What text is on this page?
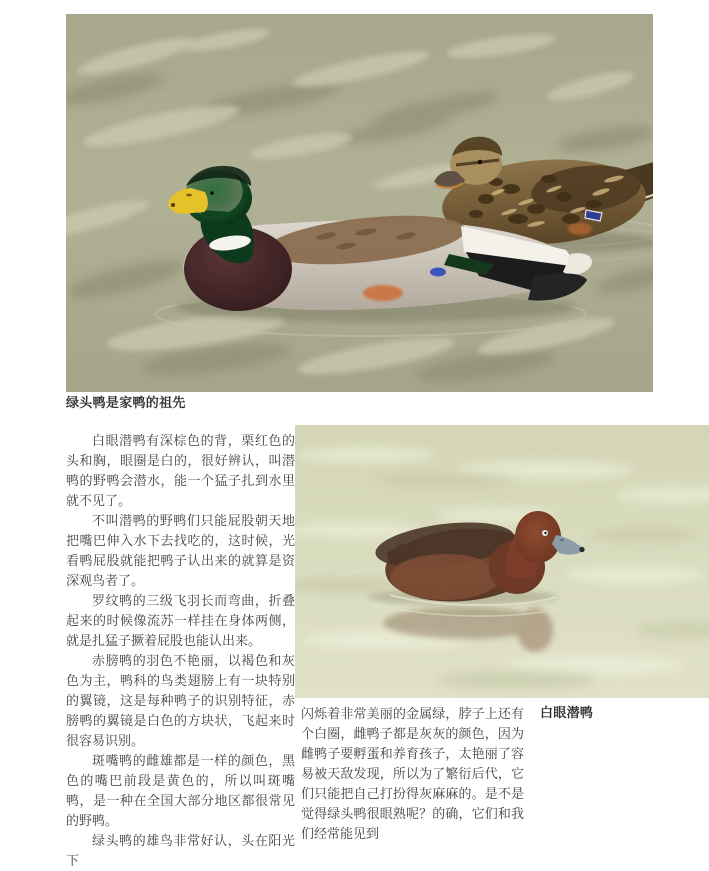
绿头鸭是家鸭的祖先

白眼潜鸭有深棕色的背，栗红色的头和胸，眼圈是白的，很好辨认，叫潜鸭的野鸭会潜水，能一个猛子扎到水里就不见了。

不叫潜鸭的野鸭们只能屁股朝天地把嘴巴伸入水下去找吃的，这时候，光看鸭屁股就能把鸭子认出来的就算是资深观鸟者了。

罗纹鸭的三级飞羽长而弯曲，折叠起来的时候像流苏一样挂在身体两侧，就是扎猛子撅着屁股也能认出来。

赤膀鸭的羽色不艳丽，以褐色和灰色为主，鸭科的鸟类翅膀上有一块特别的翼镜，这是每种鸭子的识别特征，赤膀鸭的翼镜是白色的方块状，飞起来时很容易识别。

斑嘴鸭的雌雄都是一样的颜色，黑色的嘴巴前段是黄色的，所以叫斑嘴鸭，是一种在全国大部分地区都很常见的野鸭。

绿头鸭的雄鸟非常好认，头在阳光下

闪烁着非常美丽的金属绿，脖子上还有个白圈，雌鸭子都是灰灰的颜色，因为雌鸭子要孵蛋和养育孩子，太艳丽了容易被天敌发现，所以为了繁衍后代，它们只能把自己打扮得灰麻麻的。是不是觉得绿头鸭很眼熟呢？的确，它们和我们经常能见到

白眼潜鸭
